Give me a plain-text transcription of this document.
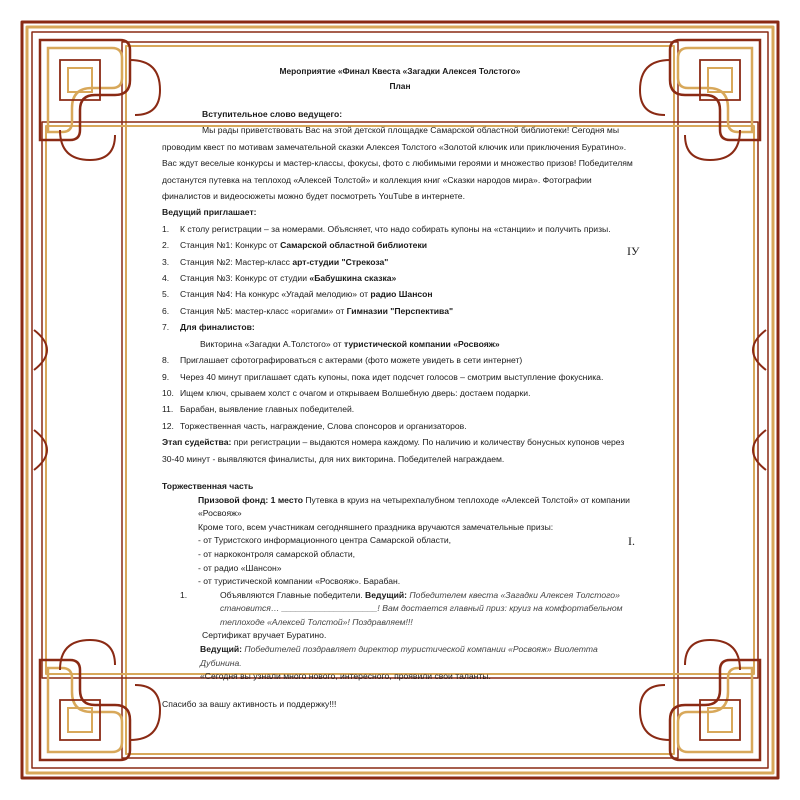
Мероприятие «Финал Квеста «Загадки Алексея Толстого»

План

Вступительное слово ведущего:

Мы рады приветствовать Вас на этой детской площадке Самарской областной библиотеки! Сегодня мы проводим квест по мотивам замечательной сказки Алексея Толстого «Золотой ключик или приключения Буратино». Вас ждут веселые конкурсы и мастер-классы, фокусы, фото с любимыми героями и множество призов! Победителям достанутся путевка на теплоход «Алексей Толстой» и коллекция книг «Сказки народов мира». Фотографии финалистов и видеосюжеты можно будет посмотреть YouTube в интернете.

Ведущий приглашает:

1. К столу регистрации – за номерами. Объясняет, что надо собирать купоны на «станции» и получить призы.
2. Станция №1: Конкурс от Самарской областной библиотеки
3. Станция №2: Мастер-класс арт-студии "Стрекоза"
4. Станция №3: Конкурс от студии «Бабушкина сказка»
5. Станция №4: На конкурс «Угадай мелодию» от радио Шансон
6. Станция №5: мастер-класс «оригами» от Гимназии "Перспектива"
7. Для финалистов:

Викторина «Загадки А.Толстого» от туристической компании «Росвояж»

8. Приглашает сфотографироваться с актерами (фото можете увидеть в сети интернет)
9. Через 40 минут приглашает сдать купоны, пока идет подсчет голосов – смотрим выступление фокусника.
10. Ищем ключ, срываем холст с очагом и открываем Волшебную дверь: достаем подарки.
11. Барабан, выявление главных победителей.
12. Торжественная часть, награждение, Слова спонсоров и организаторов.

Этап судейства: при регистрации – выдаются номера каждому. По наличию и количеству бонусных купонов через 30-40 минут - выявляются финалисты, для них викторина. Победителей награждаем.

Торжественная часть

Призовой фонд: 1 место Путевка в круиз на четырехпалубном теплоходе «Алексей Толстой» от компании «Росвояж»

Кроме того, всем участникам сегодняшнего праздника вручаются замечательные призы:

- от Туристского информационного центра Самарской области,

- от наркоконтроля самарской области,

- от радио «Шансон»

- от туристической компании «Росвояж». Барабан.

1.	Объявляются Главные победители. Ведущий: Победителем квеста «Загадки Алексея Толстого» становится… ____________________! Вам достается главный приз: круиз на комфортабельном теплоходе «Алексей Толстой»! Поздравляем!!!

Сертификат вручает Буратино.

Ведущий: Победителей поздравляет директор туристической компании «Росвояж» Виолетта Дубинина.

«Сегодня вы узнали много нового, интересного, проявили свои таланты.

Спасибо за вашу активность и поддержку!!!

IУ
I.
